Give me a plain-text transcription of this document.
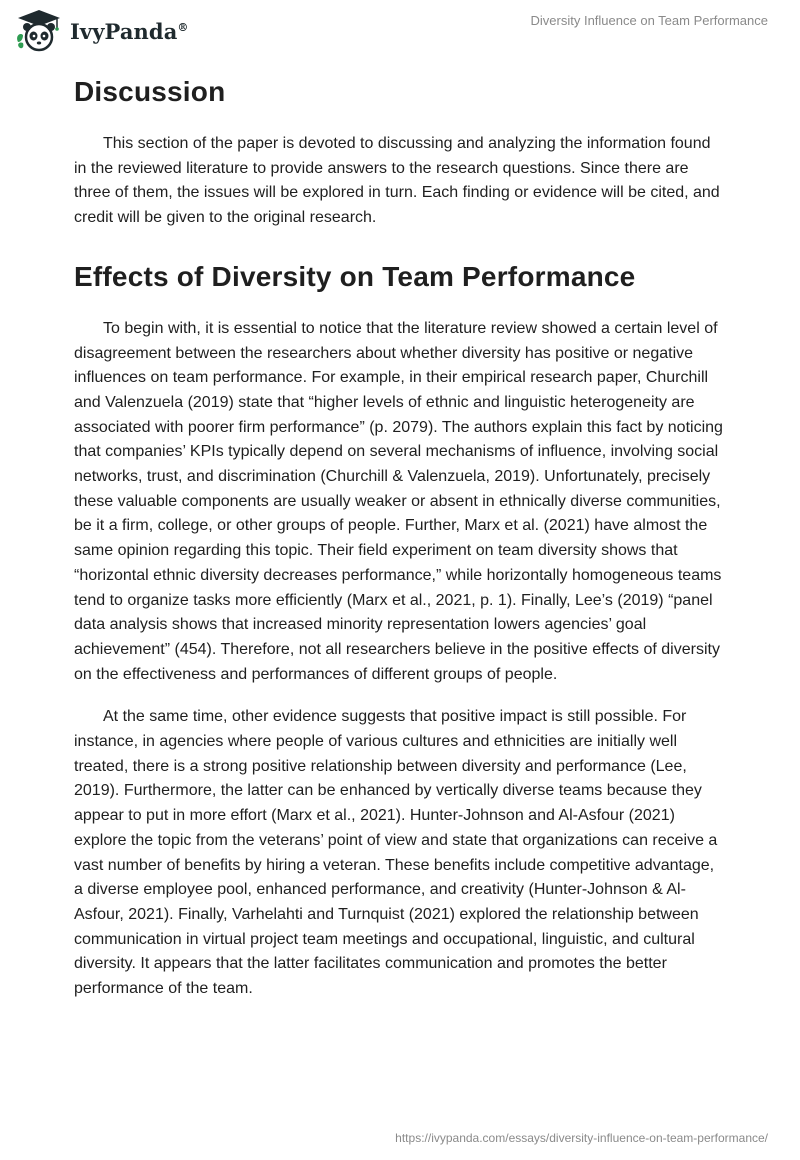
IvyPanda®	Diversity Influence on Team Performance
Discussion

This section of the paper is devoted to discussing and analyzing the information found in the reviewed literature to provide answers to the research questions. Since there are three of them, the issues will be explored in turn. Each finding or evidence will be cited, and credit will be given to the original research.

Effects of Diversity on Team Performance

To begin with, it is essential to notice that the literature review showed a certain level of disagreement between the researchers about whether diversity has positive or negative influences on team performance. For example, in their empirical research paper, Churchill and Valenzuela (2019) state that “higher levels of ethnic and linguistic heterogeneity are associated with poorer firm performance” (p. 2079). The authors explain this fact by noticing that companies’ KPIs typically depend on several mechanisms of influence, involving social networks, trust, and discrimination (Churchill & Valenzuela, 2019). Unfortunately, precisely these valuable components are usually weaker or absent in ethnically diverse communities, be it a firm, college, or other groups of people. Further, Marx et al. (2021) have almost the same opinion regarding this topic. Their field experiment on team diversity shows that “horizontal ethnic diversity decreases performance,” while horizontally homogeneous teams tend to organize tasks more efficiently (Marx et al., 2021, p. 1). Finally, Lee’s (2019) “panel data analysis shows that increased minority representation lowers agencies’ goal achievement” (454). Therefore, not all researchers believe in the positive effects of diversity on the effectiveness and performances of different groups of people.

At the same time, other evidence suggests that positive impact is still possible. For instance, in agencies where people of various cultures and ethnicities are initially well treated, there is a strong positive relationship between diversity and performance (Lee, 2019). Furthermore, the latter can be enhanced by vertically diverse teams because they appear to put in more effort (Marx et al., 2021). Hunter-Johnson and Al-Asfour (2021) explore the topic from the veterans’ point of view and state that organizations can receive a vast number of benefits by hiring a veteran. These benefits include competitive advantage, a diverse employee pool, enhanced performance, and creativity (Hunter-Johnson & Al-Asfour, 2021). Finally, Varhelahti and Turnquist (2021) explored the relationship between communication in virtual project team meetings and occupational, linguistic, and cultural diversity. It appears that the latter facilitates communication and promotes the better performance of the team.

https://ivypanda.com/essays/diversity-influence-on-team-performance/
